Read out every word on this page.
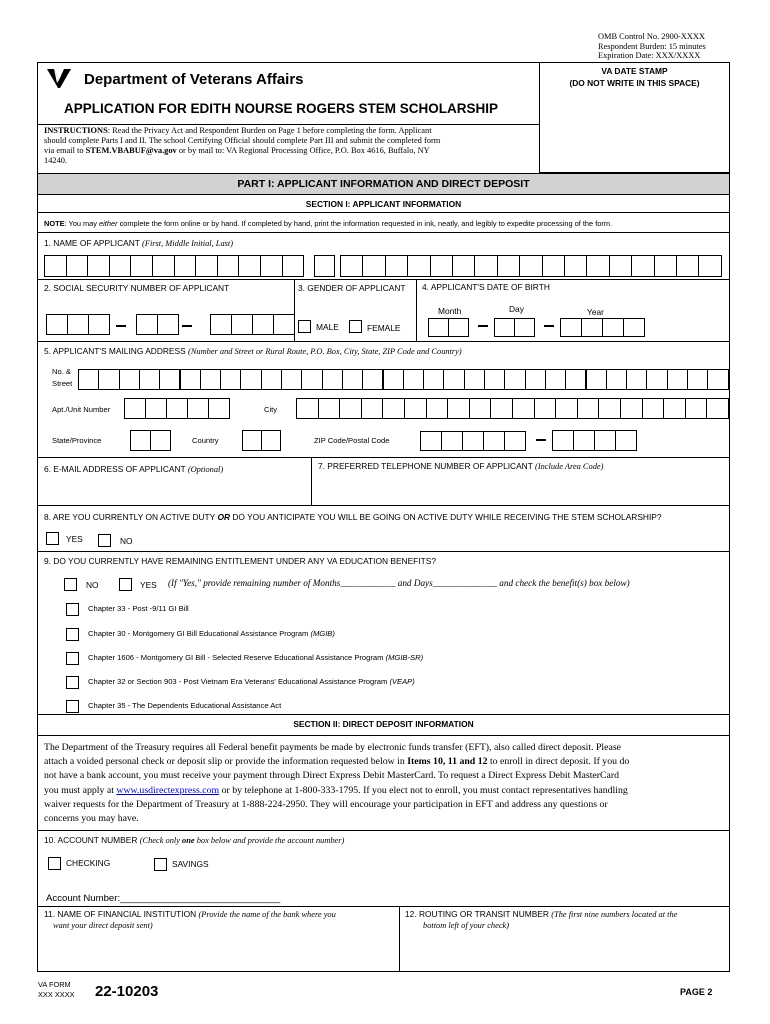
OMB Control No. 2900-XXXX
Respondent Burden: 15 minutes
Expiration Date: XXX/XXXX
Department of Veterans Affairs
APPLICATION FOR EDITH NOURSE ROGERS STEM SCHOLARSHIP
VA DATE STAMP
(DO NOT WRITE IN THIS SPACE)
INSTRUCTIONS: Read the Privacy Act and Respondent Burden on Page 1 before completing the form. Applicant
should complete Parts I and II. The school Certifying Official should complete Part III and submit the completed form
via email to STEM.VBABUF@va.gov or by mail to: VA Regional Processing Office, P.O. Box 4616, Buffalo, NY
14240.
PART I: APPLICANT INFORMATION AND DIRECT DEPOSIT
SECTION I: APPLICANT INFORMATION
NOTE: You may either complete the form online or by hand. If completed by hand, print the information requested in ink, neatly, and legibly to expedite processing of the form.
1. NAME OF APPLICANT (First, Middle Initial, Last)
2. SOCIAL SECURITY NUMBER OF APPLICANT	3. GENDER OF APPLICANT 4. APPLICANT'S DATE OF BIRTH
MALE	FEMALE
Month	Day	Year
5. APPLICANT'S MAILING ADDRESS (Number and Street or Rural Route, P.O. Box, City, State, ZIP Code and Country)
No. &
Street
Apt./Unit Number	City
State/Province	Country	ZIP Code/Postal Code
6. E-MAIL ADDRESS OF APPLICANT (Optional)	7. PREFERRED TELEPHONE NUMBER OF APPLICANT (Include Area Code)
8. ARE YOU CURRENTLY ON ACTIVE DUTY OR DO YOU ANTICIPATE YOU WILL BE GOING ON ACTIVE DUTY WHILE RECEIVING THE STEM SCHOLARSHIP?
YES	NO
9. DO YOU CURRENTLY HAVE REMAINING ENTITLEMENT UNDER ANY VA EDUCATION BENEFITS?
NO	YES (If "Yes," provide remaining number of Months____________ and Days______________ and check the benefit(s) box below)
Chapter 33 - Post -9/11 GI Bill
Chapter 30 - Montgomery GI Bill Educational Assistance Program (MGIB)
Chapter 1606 - Montgomery GI Bill - Selected Reserve Educational Assistance Program (MGIB-SR)
Chapter 32 or Section 903 - Post Vietnam Era Veterans' Educational Assistance Program (VEAP)
Chapter 35 - The Dependents Educational Assistance Act
SECTION II: DIRECT DEPOSIT INFORMATION
The Department of the Treasury requires all Federal benefit payments be made by electronic funds transfer (EFT), also called direct deposit. Please
attach a voided personal check or deposit slip or provide the information requested below in Items 10, 11 and 12 to enroll in direct deposit. If you do
not have a bank account, you must receive your payment through Direct Express Debit MasterCard. To request a Direct Express Debit MasterCard
you must apply at www.usdirectexpress.com or by telephone at 1-800-333-1795. If you elect not to enroll, you must contact representatives handling
waiver requests for the Department of Treasury at 1-888-224-2950. They will encourage your participation in EFT and address any questions or
concerns you may have.
10. ACCOUNT NUMBER (Check only one box below and provide the account number)
CHECKING	SAVINGS
Account Number:______________________________
11. NAME OF FINANCIAL INSTITUTION (Provide the name of the bank where you
want your direct deposit sent)
12. ROUTING OR TRANSIT NUMBER (The first nine numbers located at the
bottom left of your check)
VA FORM
XXX XXXX 22-10203	PAGE 2
